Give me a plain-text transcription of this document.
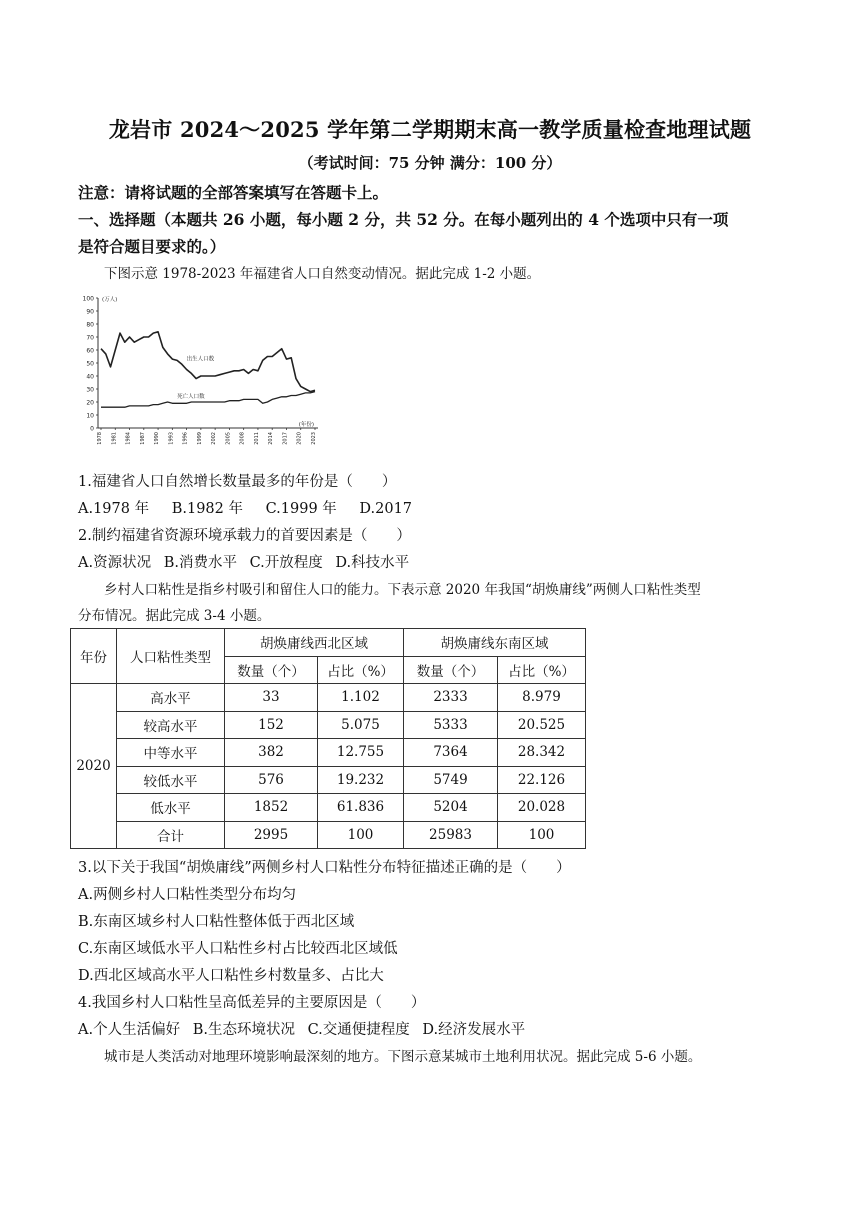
龙岩市 2024～2025 学年第二学期期末高一教学质量检查地理试题
（考试时间：75 分钟 满分：100 分）
注意：请将试题的全部答案填写在答题卡上。
一、选择题（本题共 26 小题，每小题 2 分，共 52 分。在每小题列出的 4 个选项中只有一项
是符合题目要求的。）
下图示意 1978-2023 年福建省人口自然变动情况。据此完成 1-2 小题。
100
90
80
70
60
50
40
30
20
10
0
(万人)
1978 1981 1984 1987 1990 1993 1996 1999 2002 2005 2008 2011 2014 2017 2020 2023
(年份)
出生人口数
死亡人口数
1.福建省人口自然增长数量最多的年份是（　　）
A.1978 年 B.1982 年 C.1999 年 D.2017
2.制约福建省资源环境承载力的首要因素是（　　）
A.资源状况 B.消费水平 C.开放程度 D.科技水平
乡村人口粘性是指乡村吸引和留住人口的能力。下表示意 2020 年我国“胡焕庸线”两侧人口粘性类型
分布情况。据此完成 3-4 小题。
年份	人口粘性类型	胡焕庸线西北区域		胡焕庸线东南区域	
		数量（个）	占比（%）	数量（个）	占比（%）
2020	高水平	33	1.102	2333	8.979
	较高水平	152	5.075	5333	20.525
	中等水平	382	12.755	7364	28.342
	较低水平	576	19.232	5749	22.126
	低水平	1852	61.836	5204	20.028
	合计	2995	100	25983	100
3.以下关于我国“胡焕庸线”两侧乡村人口粘性分布特征描述正确的是（　　）
A.两侧乡村人口粘性类型分布均匀
B.东南区域乡村人口粘性整体低于西北区域
C.东南区域低水平人口粘性乡村占比较西北区域低
D.西北区域高水平人口粘性乡村数量多、占比大
4.我国乡村人口粘性呈高低差异的主要原因是（　　）
A.个人生活偏好 B.生态环境状况 C.交通便捷程度 D.经济发展水平
城市是人类活动对地理环境影响最深刻的地方。下图示意某城市土地利用状况。据此完成 5-6 小题。
